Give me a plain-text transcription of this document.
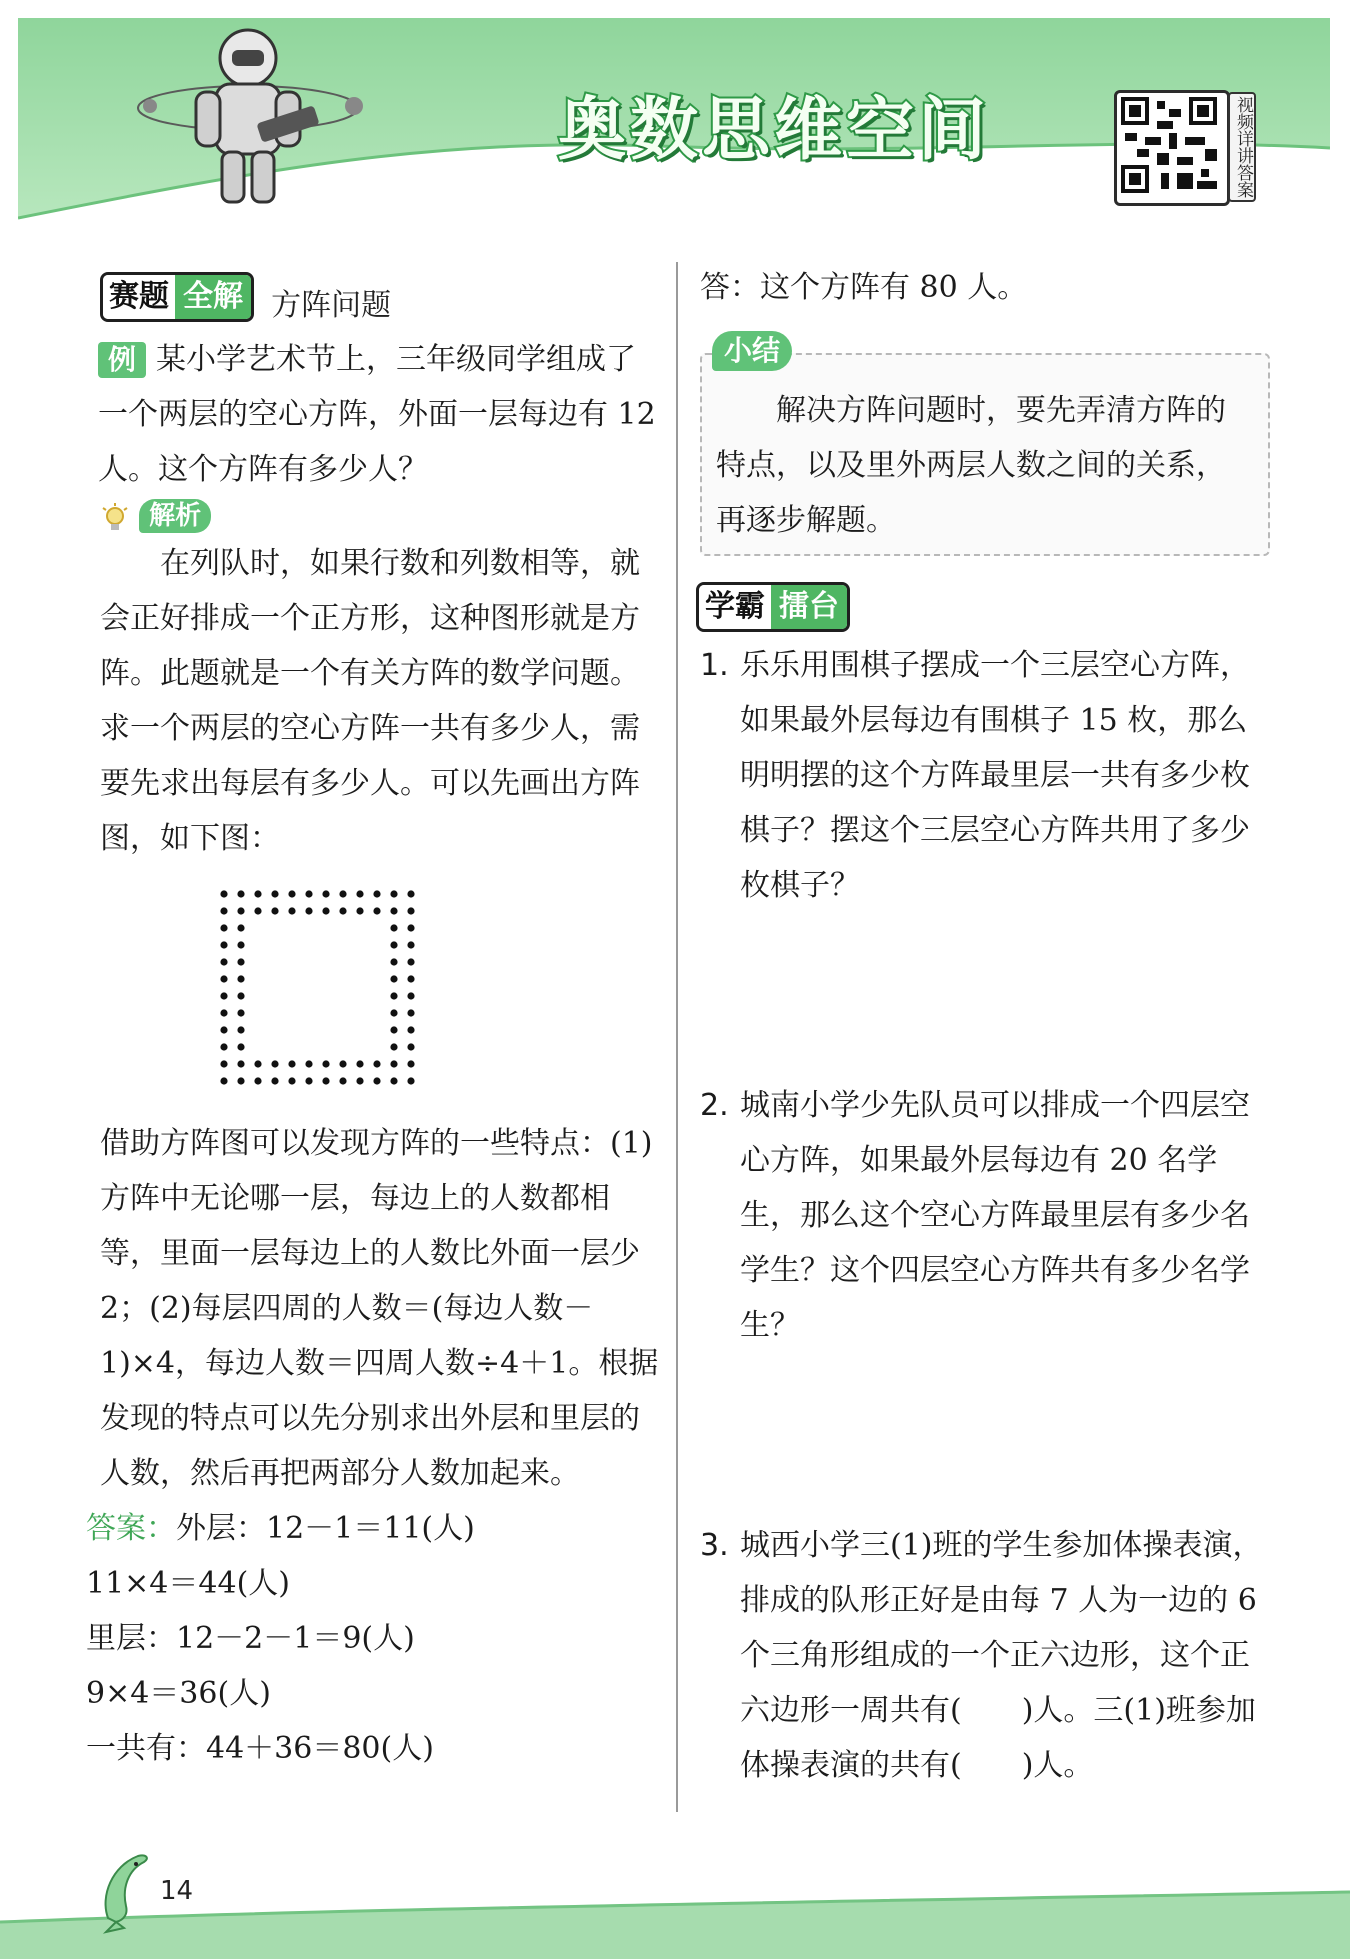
奥数思维空间	视频详讲答案
赛题 全解 方阵问题

例 某小学艺术节上，三年级同学组成了一个两层的空心方阵，外面一层每边有 12 人。这个方阵有多少人？

解析

在列队时，如果行数和列数相等，就会正好排成一个正方形，这种图形就是方阵。此题就是一个有关方阵的数学问题。求一个两层的空心方阵一共有多少人，需要先求出每层有多少人。可以先画出方阵图，如下图：

借助方阵图可以发现方阵的一些特点：(1)方阵中无论哪一层，每边上的人数都相等，里面一层每边上的人数比外面一层少 2；(2)每层四周的人数＝(每边人数－1)×4，每边人数＝四周人数÷4＋1。根据发现的特点可以先分别求出外层和里层的人数，然后再把两部分人数加起来。

答案：外层：12－1＝11(人)
11×4＝44(人)
里层：12－2－1＝9(人)
9×4＝36(人)
一共有：44＋36＝80(人)

答：这个方阵有 80 人。

小结

解决方阵问题时，要先弄清方阵的特点，以及里外两层人数之间的关系，再逐步解题。

学霸 擂台
1. 乐乐用围棋子摆成一个三层空心方阵，如果最外层每边有围棋子 15 枚，那么明明摆的这个方阵最里层一共有多少枚棋子？摆这个三层空心方阵共用了多少枚棋子？
2. 城南小学少先队员可以排成一个四层空心方阵，如果最外层每边有 20 名学生，那么这个空心方阵最里层有多少名学生？这个四层空心方阵共有多少名学生？
3. 城西小学三(1)班的学生参加体操表演，排成的队形正好是由每 7 人为一边的 6 个三角形组成的一个正六边形，这个正六边形一周共有(　　)人。三(1)班参加体操表演的共有(　　)人。
14
